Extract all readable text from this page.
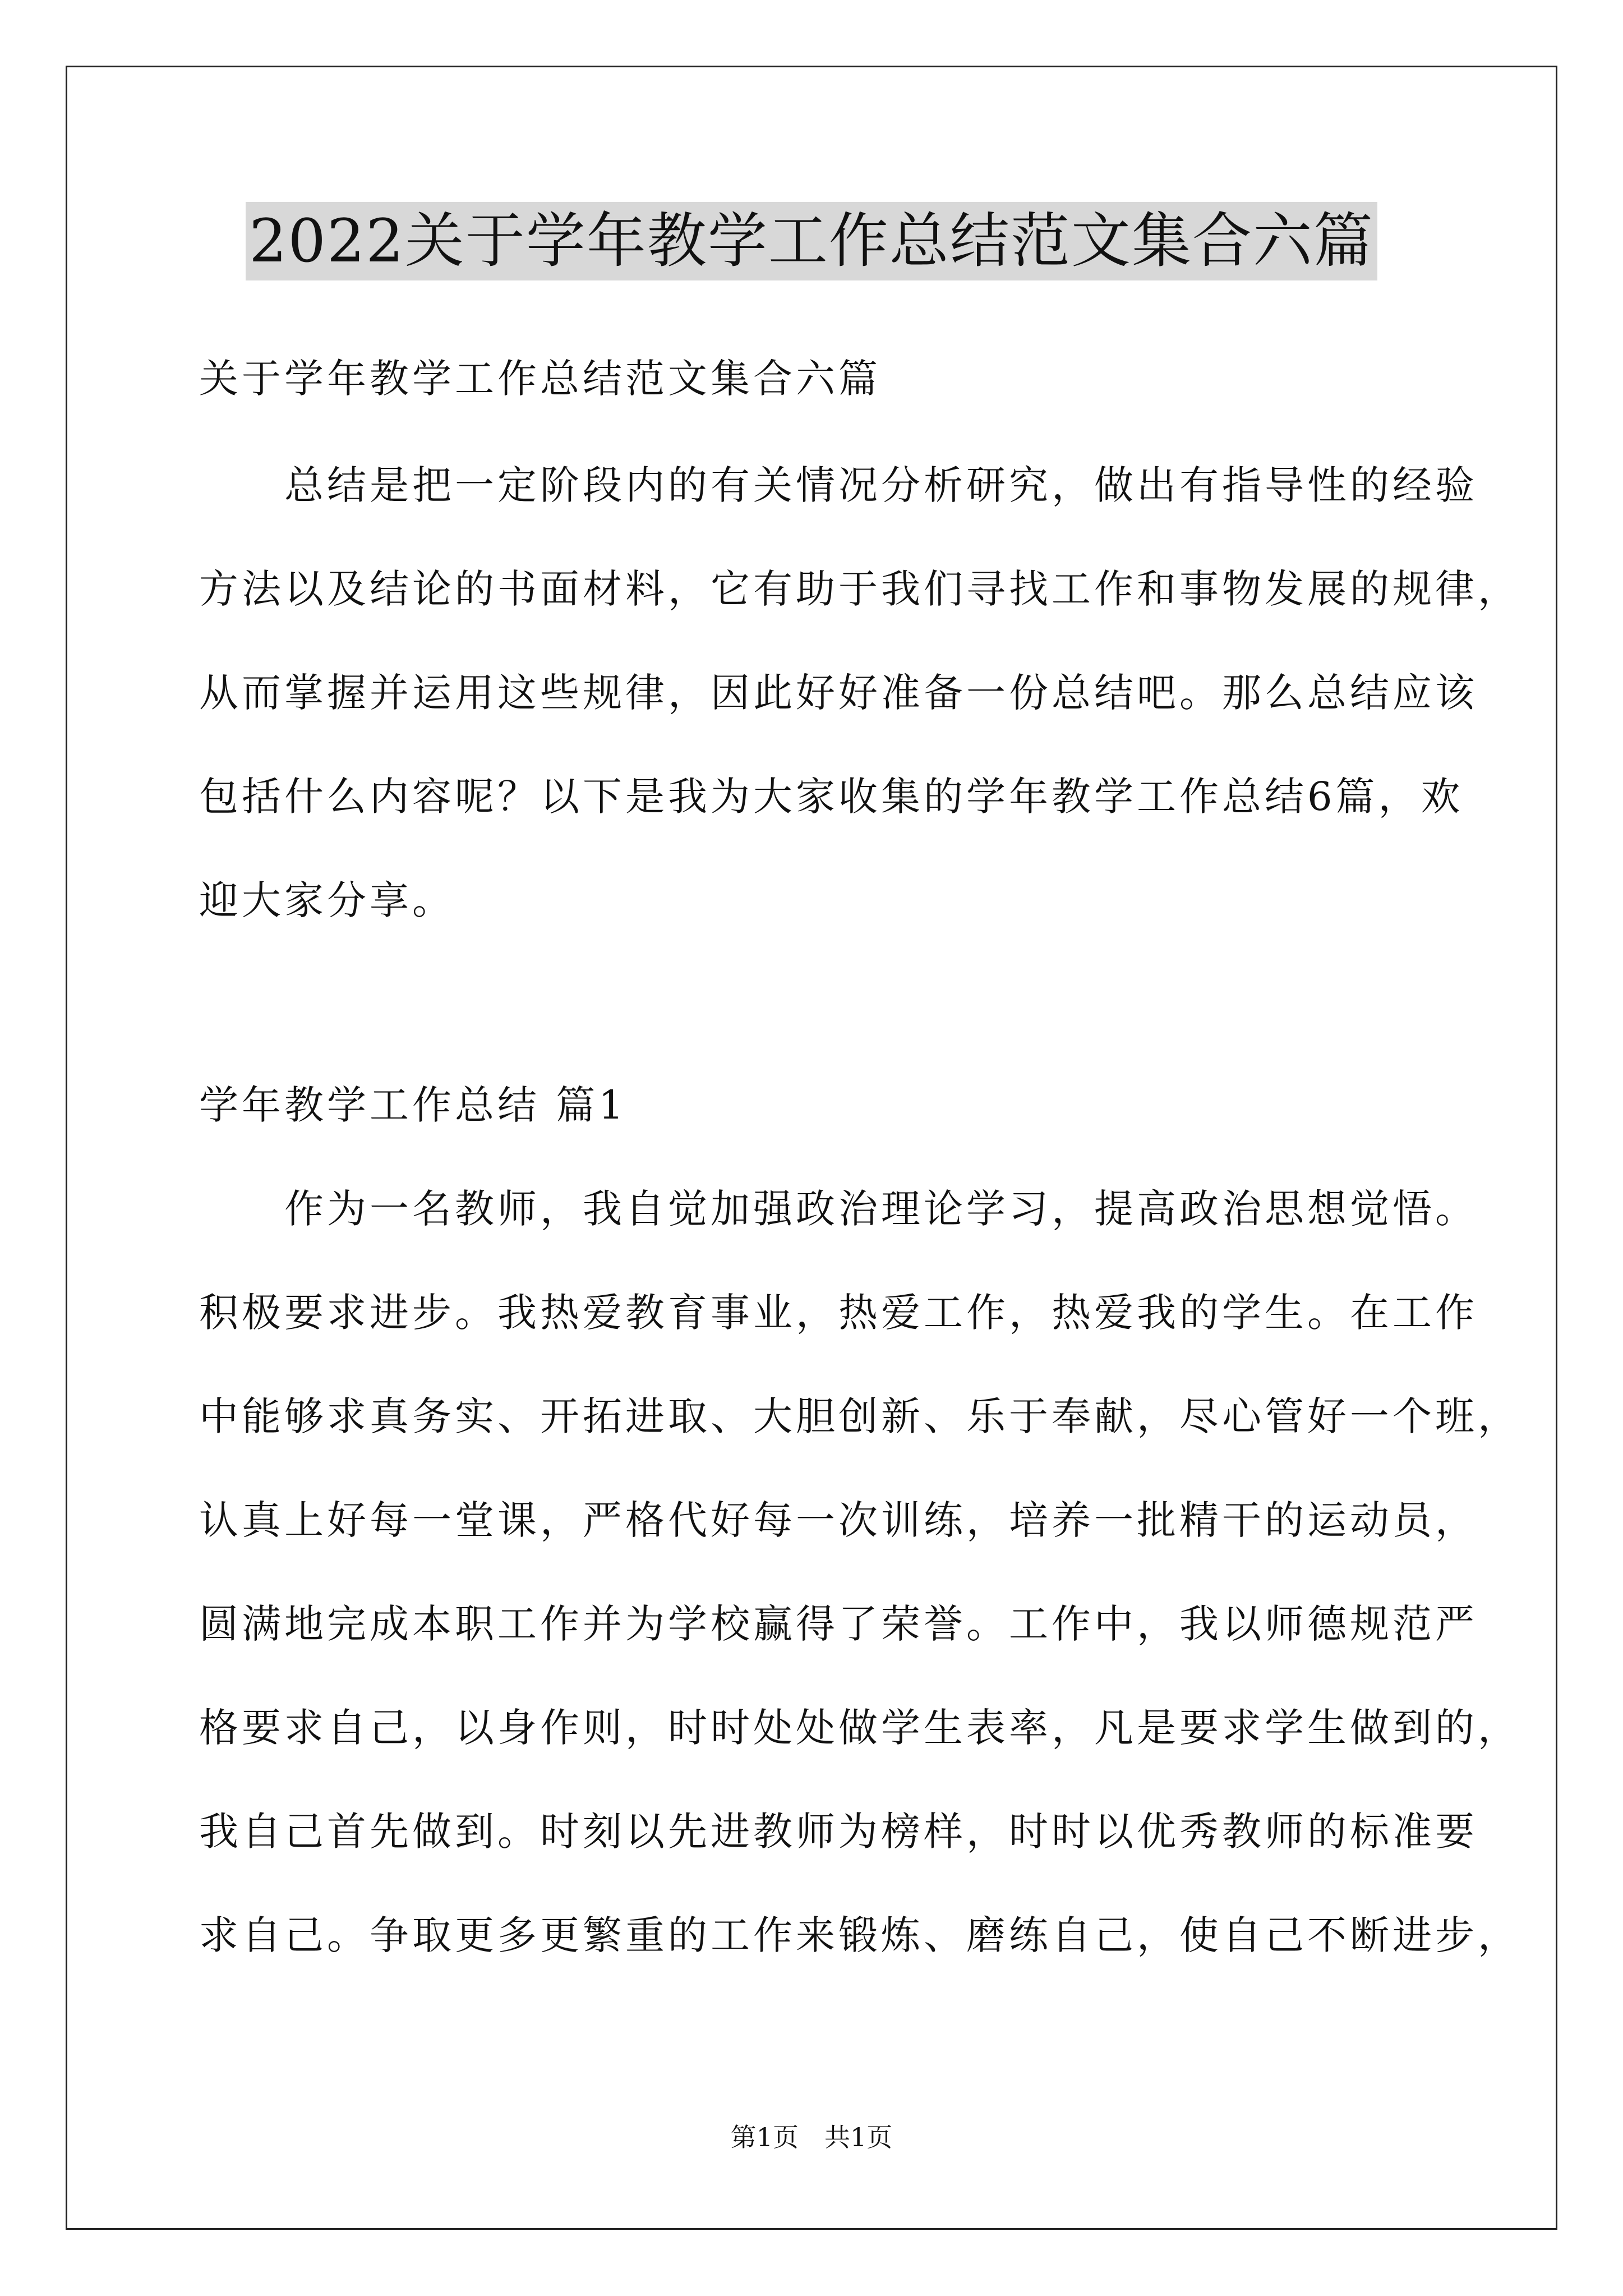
2022关于学年教学工作总结范文集合六篇
关于学年教学工作总结范文集合六篇
　　总结是把一定阶段内的有关情况分析研究，做出有指导性的经验
方法以及结论的书面材料，它有助于我们寻找工作和事物发展的规律，
从而掌握并运用这些规律，因此好好准备一份总结吧。那么总结应该
包括什么内容呢？以下是我为大家收集的学年教学工作总结6篇，欢
迎大家分享。
学年教学工作总结 篇1
　　作为一名教师，我自觉加强政治理论学习，提高政治思想觉悟。
积极要求进步。我热爱教育事业，热爱工作，热爱我的学生。在工作
中能够求真务实、开拓进取、大胆创新、乐于奉献，尽心管好一个班，
认真上好每一堂课，严格代好每一次训练，培养一批精干的运动员，
圆满地完成本职工作并为学校赢得了荣誉。工作中，我以师德规范严
格要求自己，以身作则，时时处处做学生表率，凡是要求学生做到的，
我自己首先做到。时刻以先进教师为榜样，时时以优秀教师的标准要
求自己。争取更多更繁重的工作来锻炼、磨练自己，使自己不断进步，
第1页　共1页
